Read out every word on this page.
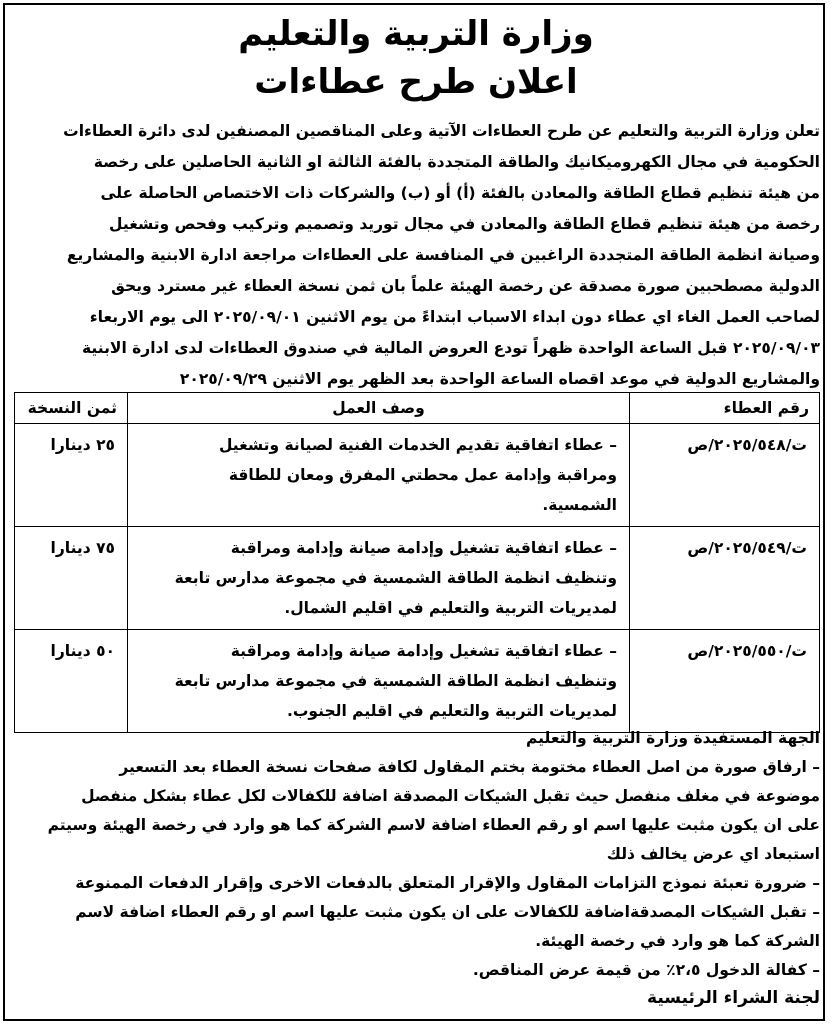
وزارة التربية والتعليم
اعلان طرح عطاءات

تعلن وزارة التربية والتعليم عن طرح العطاءات الآتية وعلى المناقصين المصنفين لدى دائرة العطاءات

الحكومية في مجال الكهروميكانيك والطاقة المتجددة بالفئة الثالثة او الثانية الحاصلين على رخصة

من هيئة تنظيم قطاع الطاقة والمعادن بالفئة (أ) أو (ب) والشركات ذات الاختصاص الحاصلة على

رخصة من هيئة تنظيم قطاع الطاقة والمعادن في مجال توريد وتصميم وتركيب وفحص وتشغيل

وصيانة انظمة الطاقة المتجددة الراغبين في المنافسة على العطاءات مراجعة ادارة الابنية والمشاريع

الدولية مصطحبين صورة مصدقة عن رخصة الهيئة علماً بان ثمن نسخة العطاء غير مسترد ويحق

لصاحب العمل الغاء اي عطاء دون ابداء الاسباب ابتداءً من يوم الاثنين ٢٠٢٥/٠٩/٠١ الى يوم الاربعاء

٢٠٢٥/٠٩/٠٣ قبل الساعة الواحدة ظهراً تودع العروض المالية في صندوق العطاءات لدى ادارة الابنية

والمشاريع الدولية في موعد اقصاه الساعة الواحدة بعد الظهر يوم الاثنين ٢٠٢٥/٠٩/٢٩

رقم العطاء	وصف العمل	ثمن النسخة
ت/٢٠٢٥/٥٤٨/ص	– عطاء اتفاقية تقديم الخدمات الفنية لصيانة وتشغيل
ومراقبة وإدامة عمل محطتي المفرق ومعان للطاقة
الشمسية.	٢٥ دينارا
ت/٢٠٢٥/٥٤٩/ص	– عطاء اتفاقية تشغيل وإدامة صيانة وإدامة ومراقبة
وتنظيف انظمة الطاقة الشمسية في مجموعة مدارس تابعة
لمديريات التربية والتعليم في اقليم الشمال.	٧٥ دينارا
ت/٢٠٢٥/٥٥٠/ص	– عطاء اتفاقية تشغيل وإدامة صيانة وإدامة ومراقبة
وتنظيف انظمة الطاقة الشمسية في مجموعة مدارس تابعة
لمديريات التربية والتعليم في اقليم الجنوب.	٥٠ دينارا

الجهة المستفيدة وزارة التربية والتعليم

– ارفاق صورة من اصل العطاء مختومة بختم المقاول لكافة صفحات نسخة العطاء بعد التسعير

موضوعة في مغلف منفصل حيث تقبل الشيكات المصدقة اضافة للكفالات لكل عطاء بشكل منفصل

على ان يكون مثبت عليها اسم او رقم العطاء اضافة لاسم الشركة كما هو وارد في رخصة الهيئة وسيتم

استبعاد اي عرض يخالف ذلك

– ضرورة تعبئة نموذج التزامات المقاول والإقرار المتعلق بالدفعات الاخرى وإقرار الدفعات الممنوعة

– تقبل الشيكات المصدقةاضافة للكفالات على ان يكون مثبت عليها اسم او رقم العطاء اضافة لاسم

الشركة كما هو وارد في رخصة الهيئة.

– كفالة الدخول ٢،٥٪ من قيمة عرض المناقص.

لجنة الشراء الرئيسية
